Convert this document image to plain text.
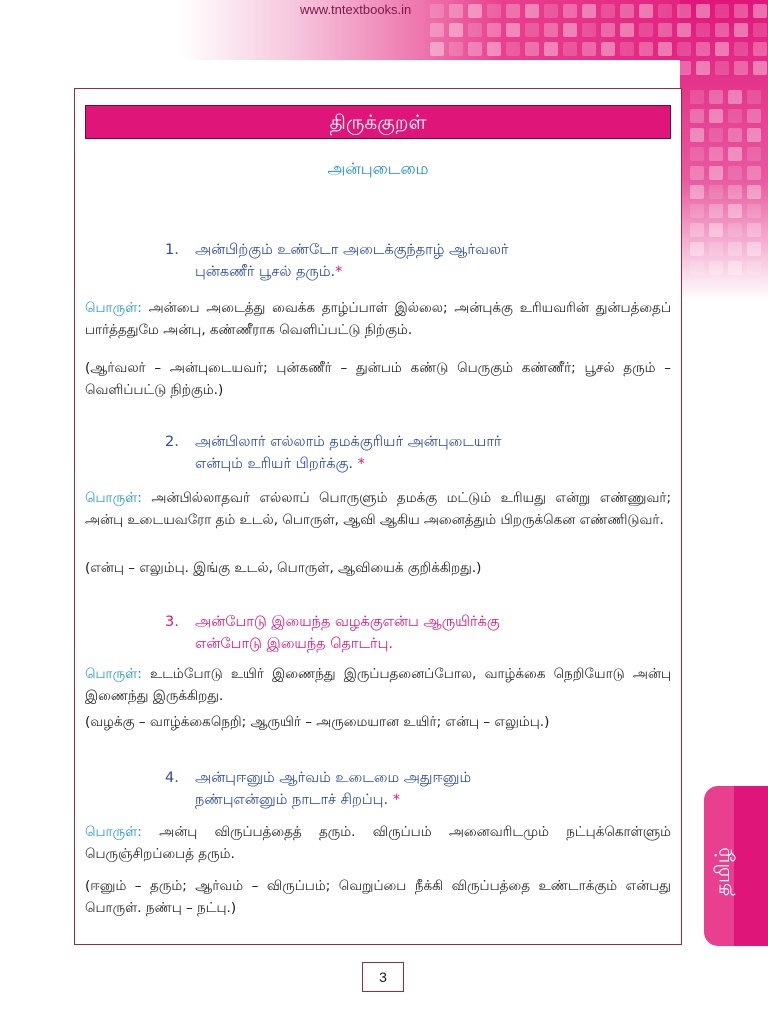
www.tntextbooks.in
திருக்குறள்
அன்புடைமை
1. அன்பிற்கும் உண்டோ அடைக்குந்தாழ் ஆர்வலர்
புன்கணீர் பூசல் தரும்.*
பொருள்: அன்பை அடைத்து வைக்க தாழ்ப்பாள் இல்லை; அன்புக்கு உரியவரின் துன்பத்தைப் பார்த்ததுமே அன்பு, கண்ணீராக வெளிப்பட்டு நிற்கும்.
(ஆர்வலர் – அன்புடையவர்; புன்கணீர் – துன்பம் கண்டு பெருகும் கண்ணீர்; பூசல் தரும் – வெளிப்பட்டு நிற்கும்.)
2. அன்பிலார் எல்லாம் தமக்குரியர் அன்புடையார்
என்பும் உரியர் பிறர்க்கு. *
பொருள்: அன்பில்லாதவர் எல்லாப் பொருளும் தமக்கு மட்டும் உரியது என்று எண்ணுவர்; அன்பு உடையவரோ தம் உடல், பொருள், ஆவி ஆகிய அனைத்தும் பிறருக்கென எண்ணிடுவர்.
(என்பு – எலும்பு. இங்கு உடல், பொருள், ஆவியைக் குறிக்கிறது.)
3. அன்போடு இயைந்த வழக்குஎன்ப ஆருயிர்க்கு
என்போடு இயைந்த தொடர்பு.
பொருள்: உடம்போடு உயிர் இணைந்து இருப்பதனைப்போல, வாழ்க்கை நெறியோடு அன்பு இணைந்து இருக்கிறது.
(வழக்கு – வாழ்க்கைநெறி; ஆருயிர் – அருமையான உயிர்; என்பு – எலும்பு.)
4. அன்புஈனும் ஆர்வம் உடைமை அதுஈனும்
நண்புஎன்னும் நாடாச் சிறப்பு. *
பொருள்: அன்பு விருப்பத்தைத் தரும். விருப்பம் அனைவரிடமும் நட்புக்கொள்ளும் பெருஞ்சிறப்பைத் தரும்.
(ஈனும் – தரும்; ஆர்வம் – விருப்பம்; வெறுப்பை நீக்கி விருப்பத்தை உண்டாக்கும் என்பது பொருள். நண்பு – நட்பு.)
தமிழ்
3
